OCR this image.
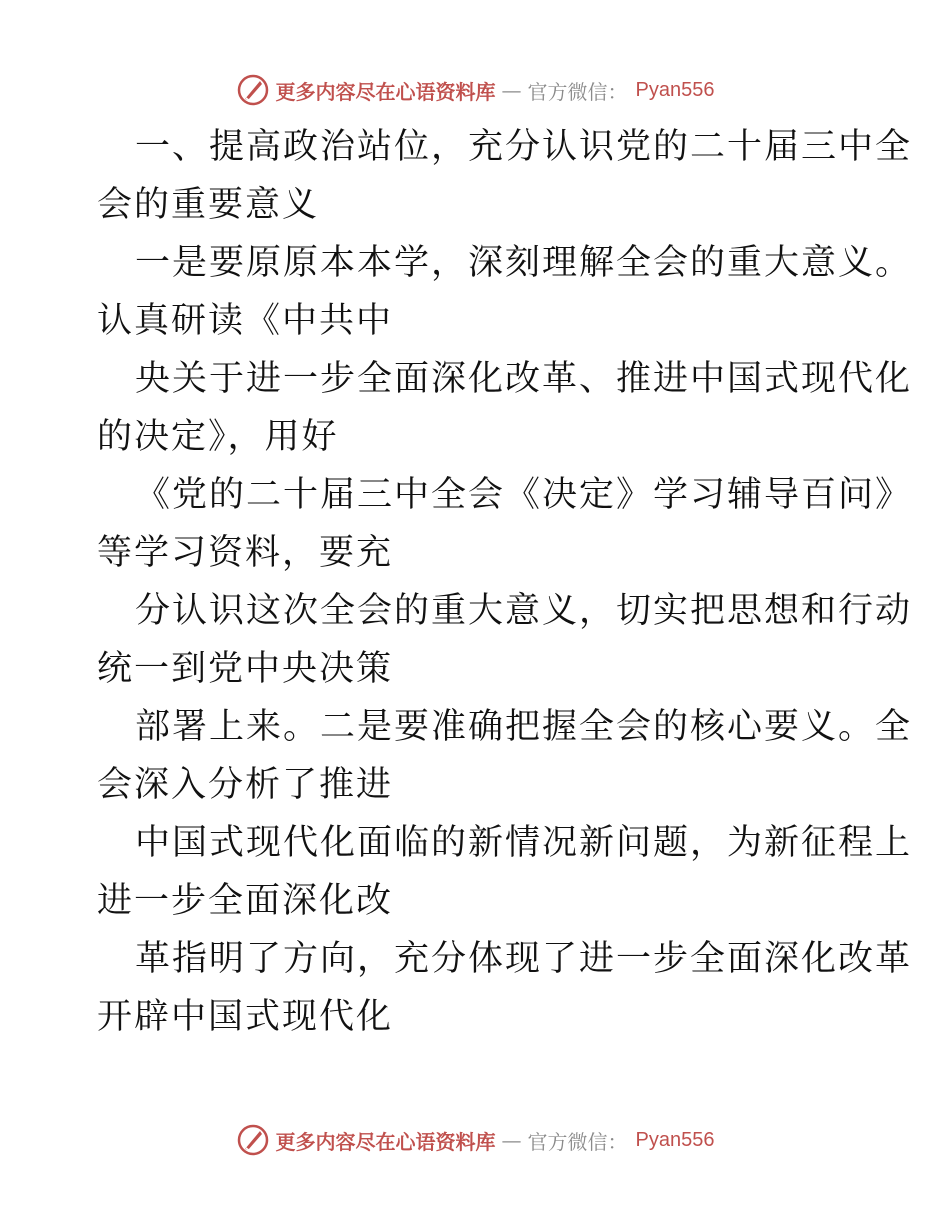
更多内容尽在心语资料库 — 官方微信： Pyan556
一、提高政治站位，充分认识党的二十届三中全
会的重要意义
一是要原原本本学，深刻理解全会的重大意义。
认真研读《中共中
央关于进一步全面深化改革、推进中国式现代化
的决定》，用好
《党的二十届三中全会《决定》学习辅导百问》
等学习资料，要充
分认识这次全会的重大意义，切实把思想和行动
统一到党中央决策
部署上来。二是要准确把握全会的核心要义。全
会深入分析了推进
中国式现代化面临的新情况新问题，为新征程上
进一步全面深化改
革指明了方向，充分体现了进一步全面深化改革
开辟中国式现代化
更多内容尽在心语资料库 — 官方微信： Pyan556
